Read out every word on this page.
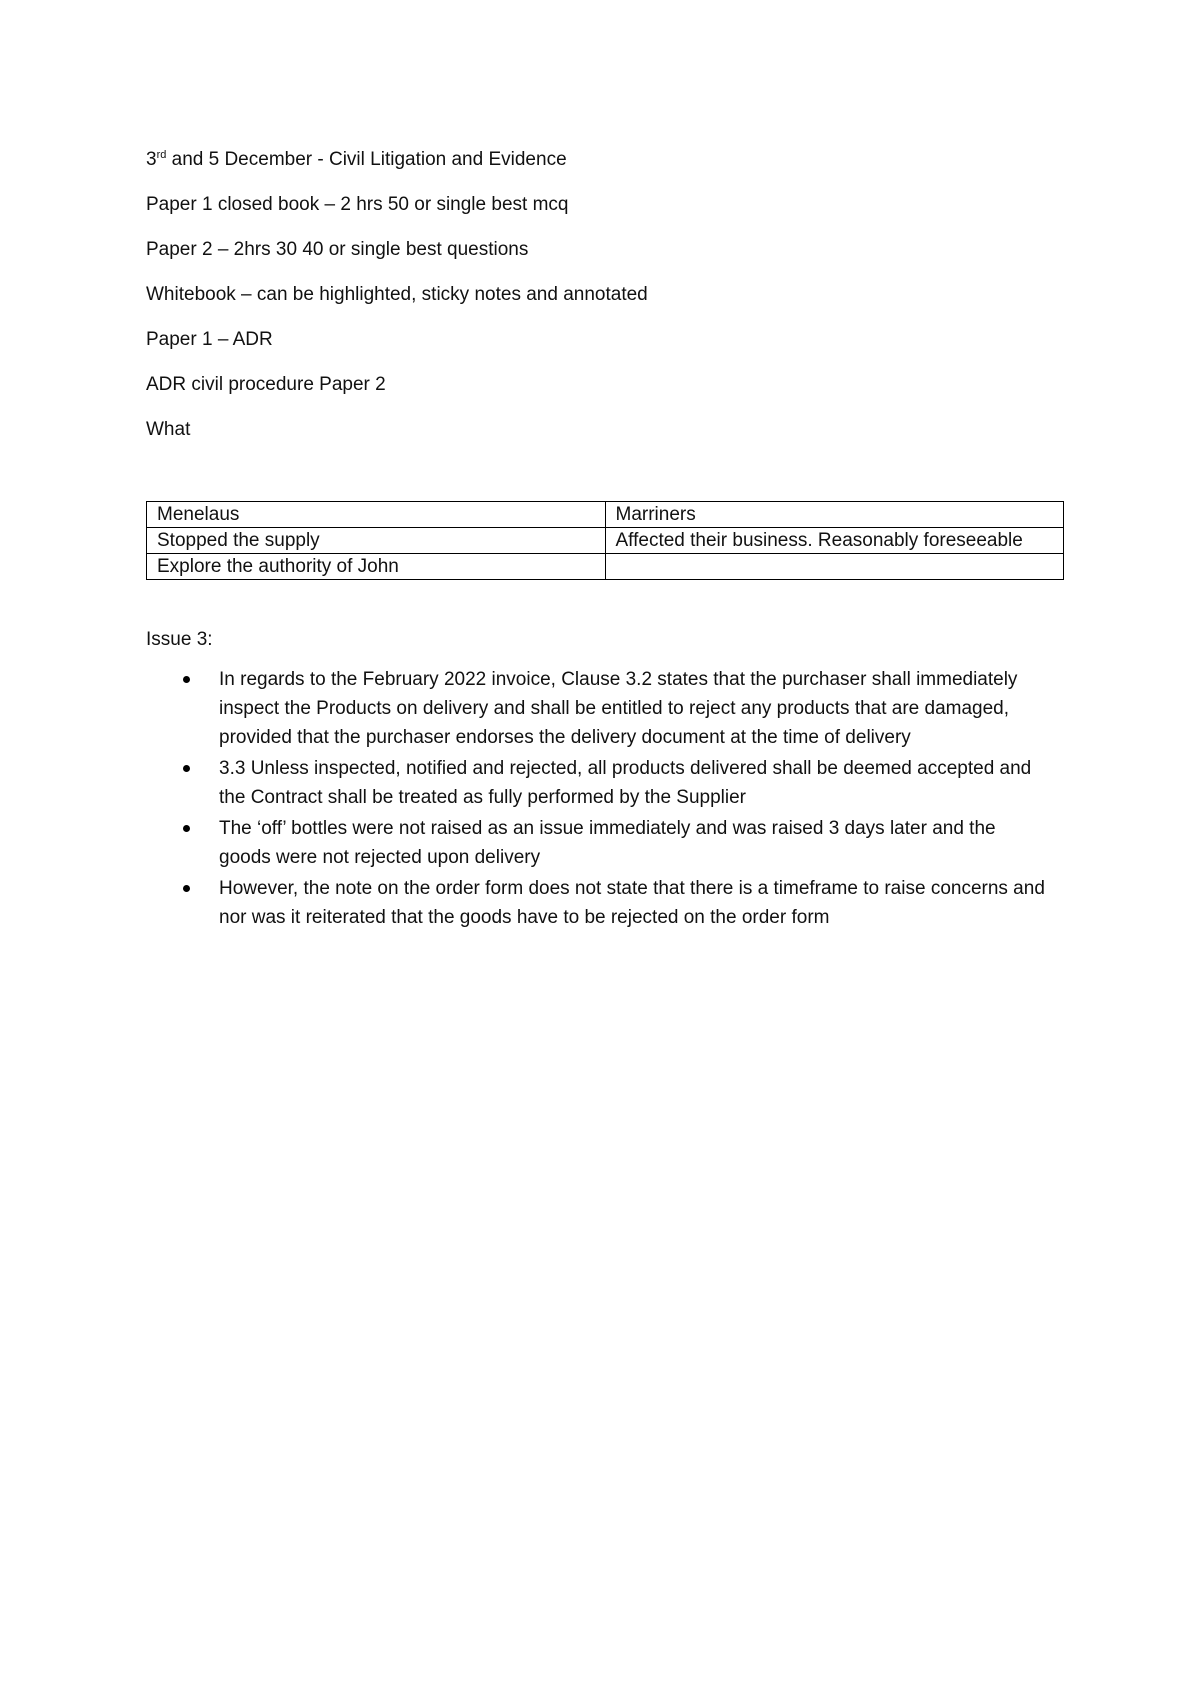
3rd and 5 December - Civil Litigation and Evidence

Paper 1 closed book – 2 hrs 50 or single best mcq

Paper 2 – 2hrs 30 40 or single best questions

Whitebook – can be highlighted, sticky notes and annotated

Paper 1 – ADR

ADR civil procedure Paper 2

What

Menelaus	Marriners
Stopped the supply	Affected their business. Reasonably foreseeable
Explore the authority of John	

Issue 3:

In regards to the February 2022 invoice, Clause 3.2 states that the purchaser shall immediately inspect the Products on delivery and shall be entitled to reject any products that are damaged, provided that the purchaser endorses the delivery document at the time of delivery
3.3 Unless inspected, notified and rejected, all products delivered shall be deemed accepted and the Contract shall be treated as fully performed by the Supplier
The ‘off’ bottles were not raised as an issue immediately and was raised 3 days later and the goods were not rejected upon delivery
However, the note on the order form does not state that there is a timeframe to raise concerns and nor was it reiterated that the goods have to be rejected on the order form
